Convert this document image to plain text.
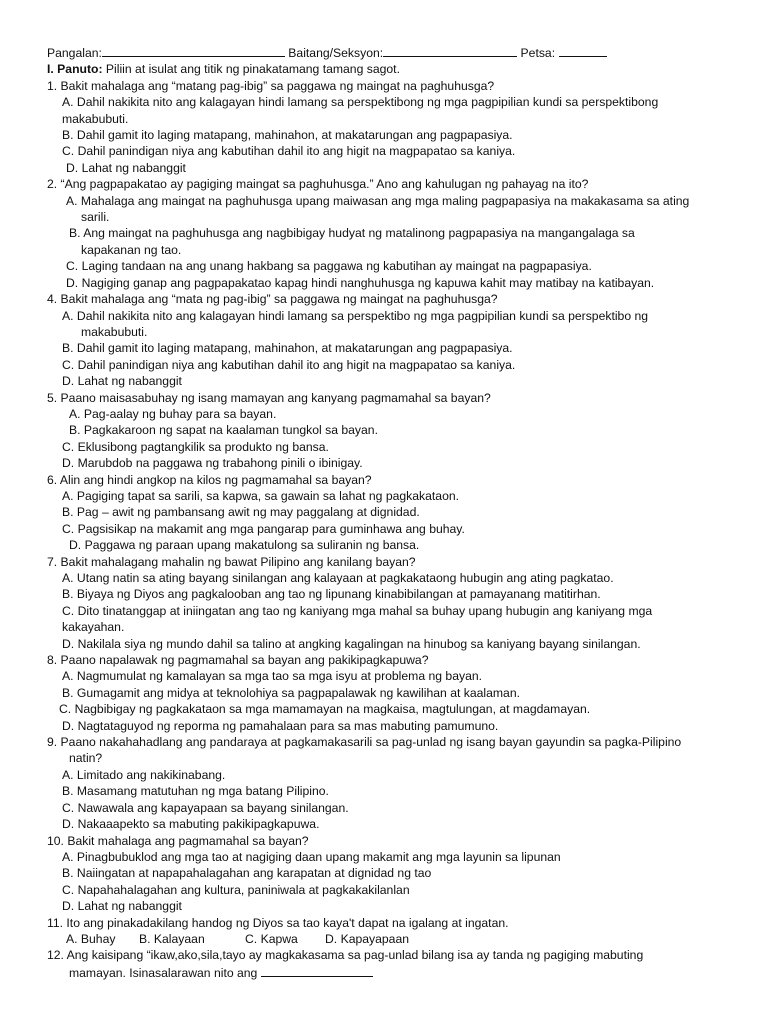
Pangalan:	Baitang/Seksyon:	Petsa:
I. Panuto: Piliin at isulat ang titik ng pinakatamang tamang sagot.
1. Bakit mahalaga ang “matang pag-ibig” sa paggawa ng maingat na paghuhusga?
A. Dahil nakikita nito ang kalagayan hindi lamang sa perspektibong ng mga pagpipilian kundi sa perspektibong
makabubuti.
B. Dahil gamit ito laging matapang, mahinahon, at makatarungan ang pagpapasiya.
C. Dahil panindigan niya ang kabutihan dahil ito ang higit na magpapatao sa kaniya.
D. Lahat ng nabanggit
2. “Ang pagpapakatao ay pagiging maingat sa paghuhusga.” Ano ang kahulugan ng pahayag na ito?
A. Mahalaga ang maingat na paghuhusga upang maiwasan ang mga maling pagpapasiya na makakasama sa ating
sarili.
B. Ang maingat na paghuhusga ang nagbibigay hudyat ng matalinong pagpapasiya na mangangalaga sa
kapakanan ng tao.
C. Laging tandaan na ang unang hakbang sa paggawa ng kabutihan ay maingat na pagpapasiya.
D. Nagiging ganap ang pagpapakatao kapag hindi nanghuhusga ng kapuwa kahit may matibay na katibayan.
4. Bakit mahalaga ang “mata ng pag-ibig” sa paggawa ng maingat na paghuhusga?
A. Dahil nakikita nito ang kalagayan hindi lamang sa perspektibo ng mga pagpipilian kundi sa perspektibo ng
makabubuti.
B. Dahil gamit ito laging matapang, mahinahon, at makatarungan ang pagpapasiya.
C. Dahil panindigan niya ang kabutihan dahil ito ang higit na magpapatao sa kaniya.
D. Lahat ng nabanggit
5. Paano maisasabuhay ng isang mamayan ang kanyang pagmamahal sa bayan?
A. Pag-aalay ng buhay para sa bayan.
B. Pagkakaroon ng sapat na kaalaman tungkol sa bayan.
C. Eklusibong pagtangkilik sa produkto ng bansa.
D. Marubdob na paggawa ng trabahong pinili o ibinigay.
6. Alin ang hindi angkop na kilos ng pagmamahal sa bayan?
A. Pagiging tapat sa sarili, sa kapwa, sa gawain sa lahat ng pagkakataon.
B. Pag – awit ng pambansang awit ng may paggalang at dignidad.
C. Pagsisikap na makamit ang mga pangarap para guminhawa ang buhay.
D. Paggawa ng paraan upang makatulong sa suliranin ng bansa.
7. Bakit mahalagang mahalin ng bawat Pilipino ang kanilang bayan?
A. Utang natin sa ating bayang sinilangan ang kalayaan at pagkakataong hubugin ang ating pagkatao.
B. Biyaya ng Diyos ang pagkalooban ang tao ng lipunang kinabibilangan at pamayanang matitirhan.
C. Dito tinatanggap at iniingatan ang tao ng kaniyang mga mahal sa buhay upang hubugin ang kaniyang mga
kakayahan.
D. Nakilala siya ng mundo dahil sa talino at angking kagalingan na hinubog sa kaniyang bayang sinilangan.
8. Paano napalawak ng pagmamahal sa bayan ang pakikipagkapuwa?
A. Nagmumulat ng kamalayan sa mga tao sa mga isyu at problema ng bayan.
B. Gumagamit ang midya at teknolohiya sa pagpapalawak ng kawilihan at kaalaman.
C. Nagbibigay ng pagkakataon sa mga mamamayan na magkaisa, magtulungan, at magdamayan.
D. Nagtataguyod ng reporma ng pamahalaan para sa mas mabuting pamumuno.
9. Paano nakahahadlang ang pandaraya at pagkamakasarili sa pag-unlad ng isang bayan gayundin sa pagka-Pilipino
natin?
A. Limitado ang nakikinabang.
B. Masamang matutuhan ng mga batang Pilipino.
C. Nawawala ang kapayapaan sa bayang sinilangan.
D. Nakaaapekto sa mabuting pakikipagkapuwa.
10. Bakit mahalaga ang pagmamahal sa bayan?
A. Pinagbubuklod ang mga tao at nagiging daan upang makamit ang mga layunin sa lipunan
B. Naiingatan at napapahalagahan ang karapatan at dignidad ng tao
C. Napahahalagahan ang kultura, paniniwala at pagkakakilanlan
D. Lahat ng nabanggit
11. Ito ang pinakadakilang handog ng Diyos sa tao kaya't dapat na igalang at ingatan.
A. Buhay B. Kalayaan	C. Kapwa D. Kapayapaan
12. Ang kaisipang “ikaw,ako,sila,tayo ay magkakasama sa pag-unlad bilang isa ay tanda ng pagiging mabuting
mamayan. Isinasalarawan nito ang
